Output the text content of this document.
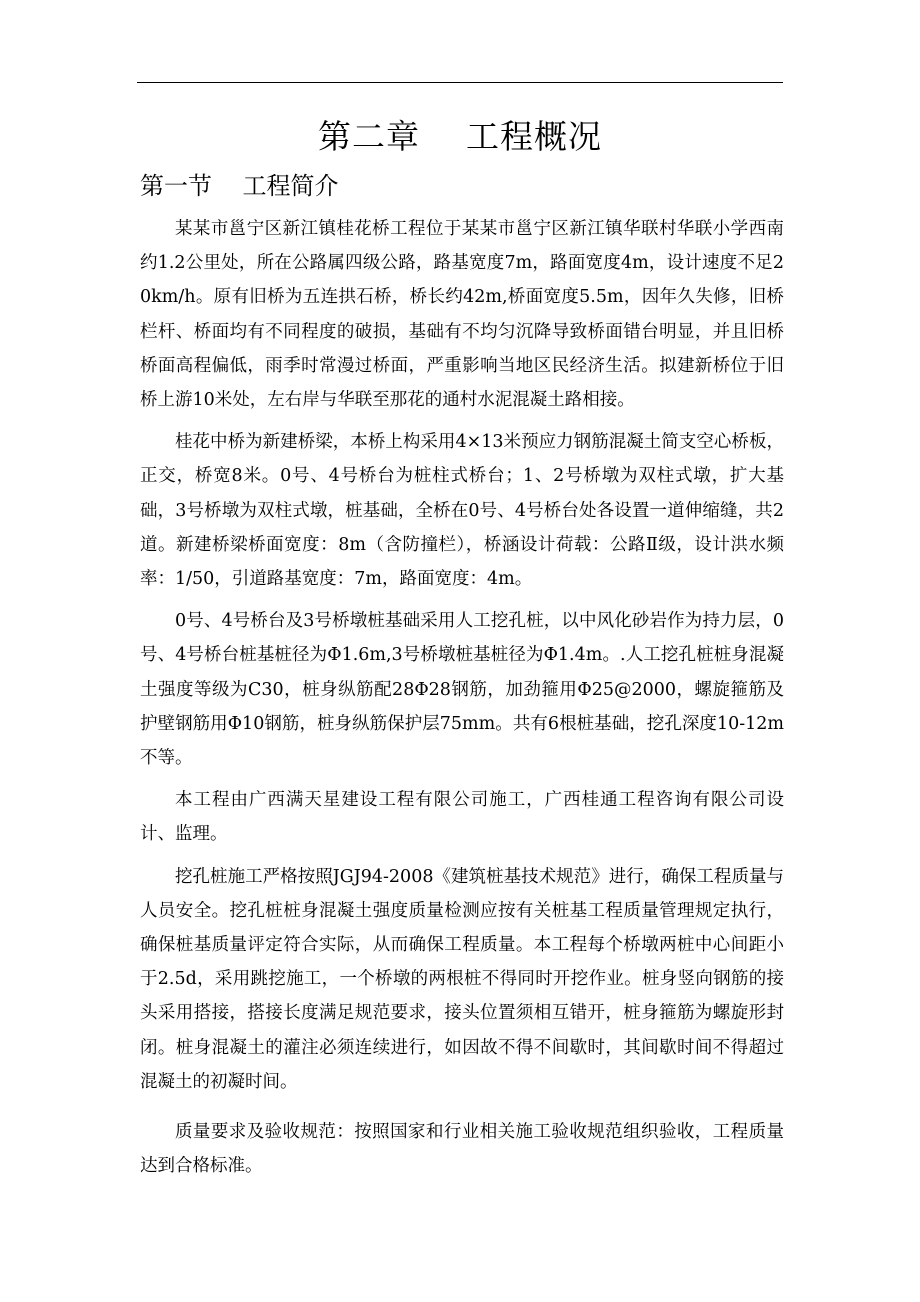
第二章    工程概况
第一节    工程简介

某某市邕宁区新江镇桂花桥工程位于某某市邕宁区新江镇华联村华联小学西南约1.2公里处，所在公路属四级公路，路基宽度7m，路面宽度4m，设计速度不足20km/h。原有旧桥为五连拱石桥，桥长约42m,桥面宽度5.5m，因年久失修，旧桥栏杆、桥面均有不同程度的破损，基础有不均匀沉降导致桥面错台明显，并且旧桥桥面高程偏低，雨季时常漫过桥面，严重影响当地区民经济生活。拟建新桥位于旧桥上游10米处，左右岸与华联至那花的通村水泥混凝土路相接。

桂花中桥为新建桥梁，本桥上构采用4×13米预应力钢筋混凝土简支空心桥板，正交，桥宽8米。0号、4号桥台为桩柱式桥台；1、2号桥墩为双柱式墩，扩大基础，3号桥墩为双柱式墩，桩基础，全桥在0号、4号桥台处各设置一道伸缩缝，共2道。新建桥梁桥面宽度：8m（含防撞栏），桥涵设计荷载：公路Ⅱ级，设计洪水频率：1/50，引道路基宽度：7m，路面宽度：4m。

0号、4号桥台及3号桥墩桩基础采用人工挖孔桩，以中风化砂岩作为持力层，0号、4号桥台桩基桩径为Φ1.6m,3号桥墩桩基桩径为Φ1.4m。.人工挖孔桩桩身混凝土强度等级为C30，桩身纵筋配28Φ28钢筋，加劲箍用Φ25@2000，螺旋箍筋及护壁钢筋用Φ10钢筋，桩身纵筋保护层75mm。共有6根桩基础，挖孔深度10-12m不等。

本工程由广西满天星建设工程有限公司施工，广西桂通工程咨询有限公司设计、监理。

挖孔桩施工严格按照JGJ94-2008《建筑桩基技术规范》进行，确保工程质量与人员安全。挖孔桩桩身混凝土强度质量检测应按有关桩基工程质量管理规定执行，确保桩基质量评定符合实际，从而确保工程质量。本工程每个桥墩两桩中心间距小于2.5d，采用跳挖施工，一个桥墩的两根桩不得同时开挖作业。桩身竖向钢筋的接头采用搭接，搭接长度满足规范要求，接头位置须相互错开，桩身箍筋为螺旋形封闭。桩身混凝土的灌注必须连续进行，如因故不得不间歇时，其间歇时间不得超过混凝土的初凝时间。

质量要求及验收规范：按照国家和行业相关施工验收规范组织验收，工程质量达到合格标准。
